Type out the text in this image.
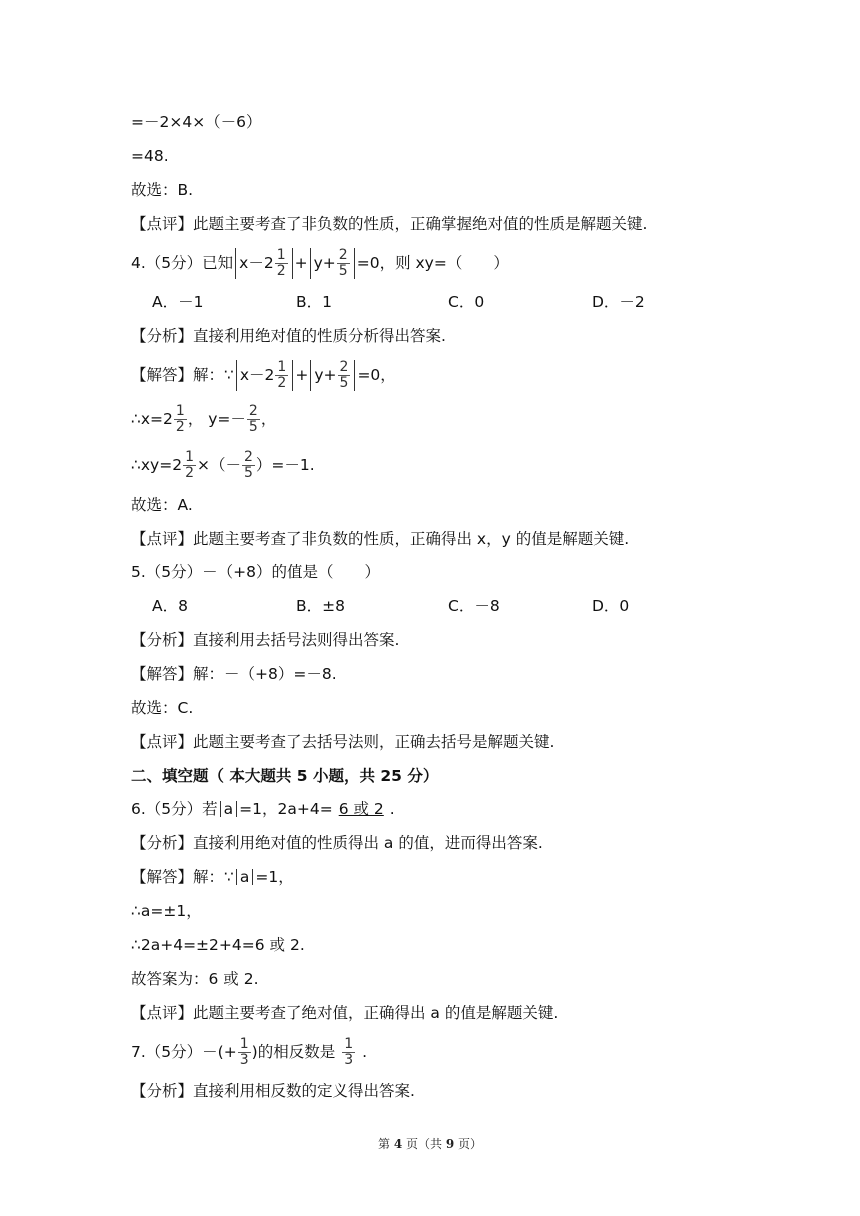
=－2×4×（－6）
=48.
故选：B.
【点评】此题主要考查了非负数的性质，正确掌握绝对值的性质是解题关键.
4.（5分）已知 $x-2 \frac{1}{2} + y+ \frac{2}{5} =0$，则 xy=（　　）
A．－1	B．1	C．0	D．－2
【分析】直接利用绝对值的性质分析得出答案.
【解答】解：∵ $x-2 \frac{1}{2} + y+ \frac{2}{5} =0$，
∴x=2 $\frac{1}{2}$ ， $y=- \frac{2}{5}$ ，
∴xy=2 $\frac{1}{2}$ ×（－ $\frac{2}{5} )=-1$.
故选：A.
【点评】此题主要考查了非负数的性质，正确得出 x，y 的值是解题关键.
5.（5分）－（+8）的值是（　　）
A．8	B．±8	C．－8	D．0
【分析】直接利用去括号法则得出答案.
【解答】解：－（+8）=－8.
故选：C.
【点评】此题主要考查了去括号法则，正确去括号是解题关键.
二、填空题（ 本大题共 5 小题，共 25 分）
6.（5分）若 a =1，2a+4= 6 或 2 .
【分析】直接利用绝对值的性质得出 a 的值，进而得出答案.
【解答】解：∵ a =1，
∴a=±1，
∴2a+4=±2+4=6 或 2.
故答案为：6 或 2.
【点评】此题主要考查了绝对值，正确得出 a 的值是解题关键.
7.（5分）－(+ $\frac{1}{3}$ )的相反数是 $\frac{1}{3}$ .
【分析】直接利用相反数的定义得出答案.
第 4 页（共 9 页）
